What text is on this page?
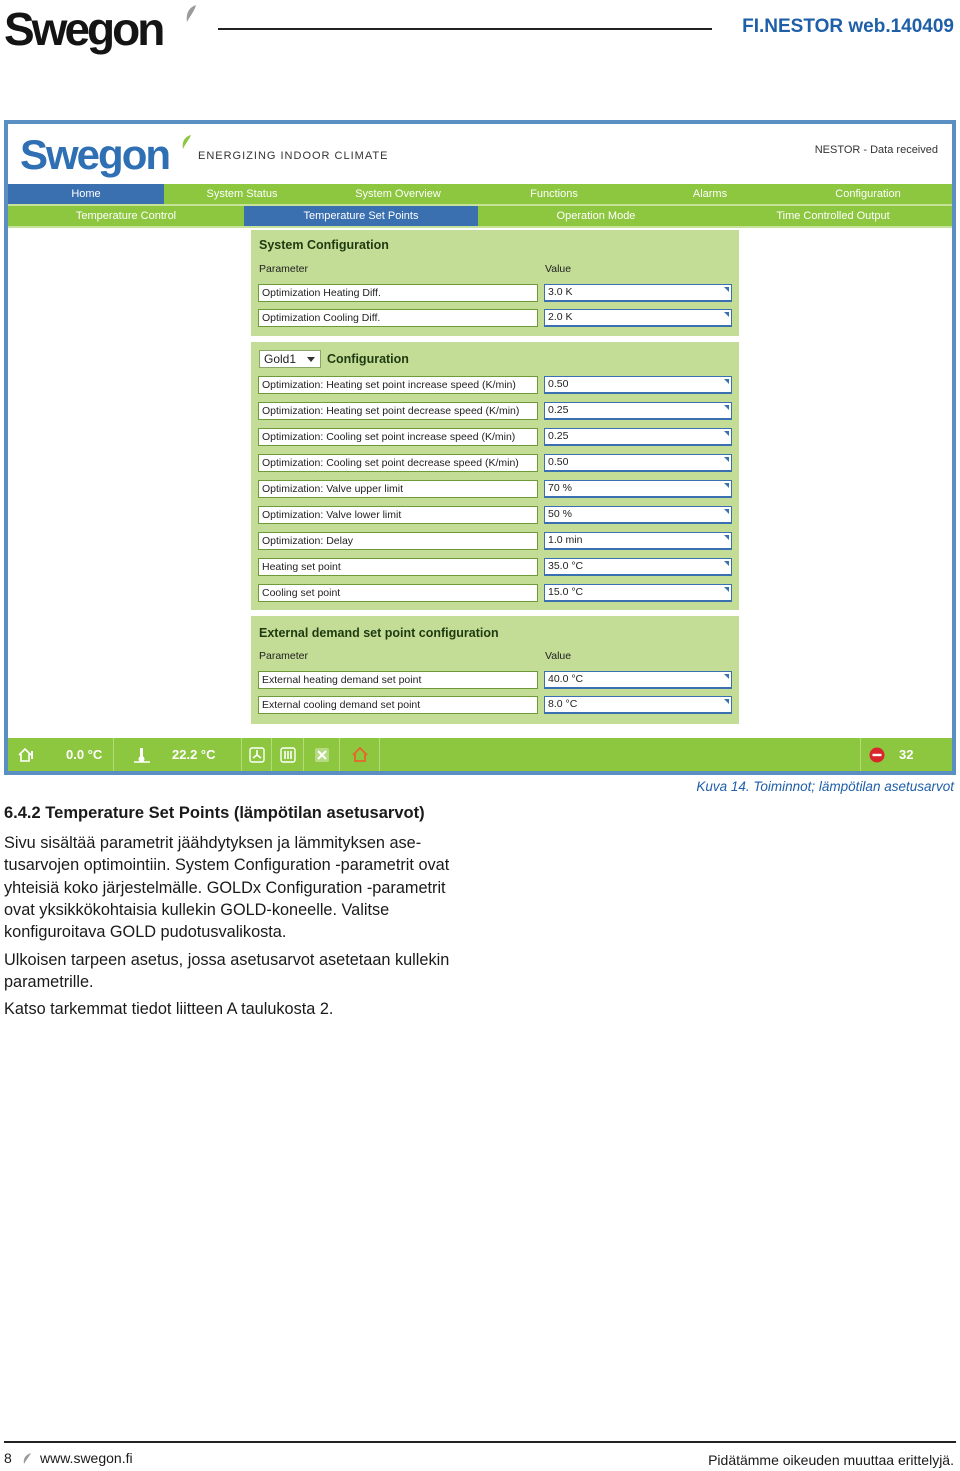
Swegon	FI.NESTOR web.140409
Swegon	ENERGIZING INDOOR CLIMATE	NESTOR - Data received
Home	System Status	System Overview	Functions	Alarms	Configuration
Temperature Control	Temperature Set Points	Operation Mode	Time Controlled Output
System Configuration
Parameter	Value
Optimization Heating Diff.	3.0 K
Optimization Cooling Diff.	2.0 K
Gold1	Configuration
Optimization: Heating set point increase speed (K/min)	0.50
Optimization: Heating set point decrease speed (K/min)	0.25
Optimization: Cooling set point increase speed (K/min)	0.25
Optimization: Cooling set point decrease speed (K/min)	0.50
Optimization: Valve upper limit	70 %
Optimization: Valve lower limit	50 %
Optimization: Delay	1.0 min
Heating set point	35.0 °C
Cooling set point	15.0 °C
External demand set point configuration
Parameter	Value
External heating demand set point	40.0 °C
External cooling demand set point	8.0 °C
0.0 °C	22.2 °C	32
Kuva 14. Toiminnot; lämpötilan asetusarvot
6.4.2 Temperature Set Points (lämpötilan asetusarvot)
Sivu sisältää parametrit jäähdytyksen ja lämmityksen ase-tusarvojen optimointiin. System Configuration -parametrit ovat yhteisiä koko järjestelmälle. GOLDx Configuration -parametrit ovat yksikkökohtaisia kullekin GOLD-koneelle. Valitse konfiguroitava GOLD pudotusvalikosta.
Ulkoisen tarpeen asetus, jossa asetusarvot asetetaan kullekin parametrille.
Katso tarkemmat tiedot liitteen A taulukosta 2.
8 www.swegon.fi	Pidätämme oikeuden muuttaa erittelyjä.
